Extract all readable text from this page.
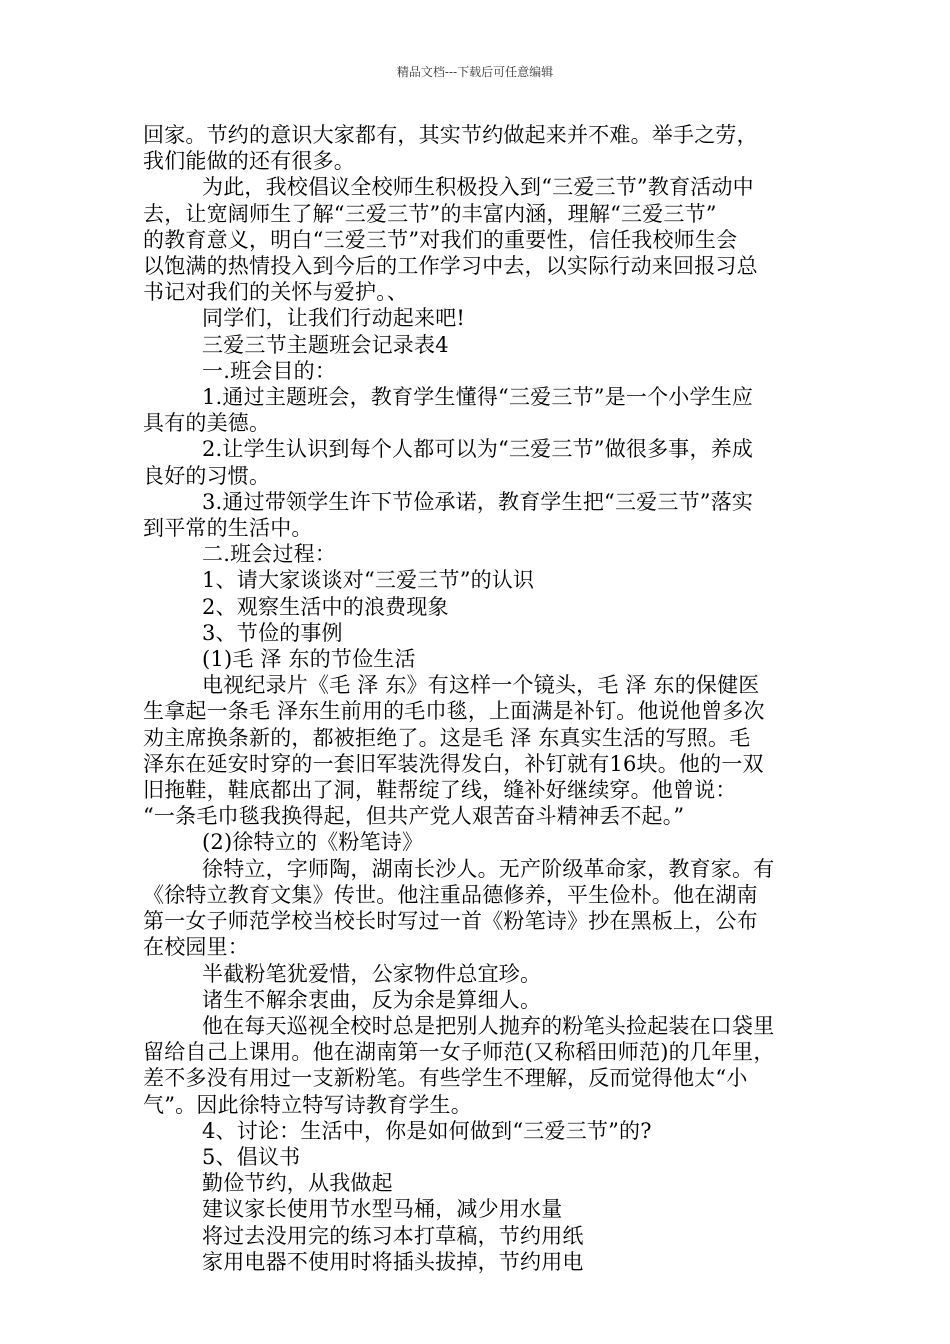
精品文档---下载后可任意编辑

回家。节约的意识大家都有，其实节约做起来并不难。举手之劳，

我们能做的还有很多。

为此，我校倡议全校师生积极投入到“三爱三节”教育活动中

去，让宽阔师生了解“三爱三节”的丰富内涵，理解“三爱三节”

的教育意义，明白“三爱三节”对我们的重要性，信任我校师生会

以饱满的热情投入到今后的工作学习中去，以实际行动来回报习总

书记对我们的关怀与爱护。、

同学们，让我们行动起来吧!

三爱三节主题班会记录表4

一.班会目的：

1.通过主题班会，教育学生懂得“三爱三节”是一个小学生应

具有的美德。

2.让学生认识到每个人都可以为“三爱三节”做很多事，养成

良好的习惯。

3.通过带领学生许下节俭承诺，教育学生把“三爱三节”落实

到平常的生活中。

二.班会过程：

1、请大家谈谈对“三爱三节”的认识

2、观察生活中的浪费现象

3、节俭的事例

(1)毛 泽 东的节俭生活

电视纪录片《毛 泽 东》有这样一个镜头，毛 泽 东的保健医

生拿起一条毛 泽东生前用的毛巾毯，上面满是补钉。他说他曾多次

劝主席换条新的，都被拒绝了。这是毛 泽 东真实生活的写照。毛

泽东在延安时穿的一套旧军装洗得发白，补钉就有16块。他的一双

旧拖鞋，鞋底都出了洞，鞋帮绽了线，缝补好继续穿。他曾说：

“一条毛巾毯我换得起，但共产党人艰苦奋斗精神丢不起。”

(2)徐特立的《粉笔诗》

徐特立，字师陶，湖南长沙人。无产阶级革命家，教育家。有

《徐特立教育文集》传世。他注重品德修养，平生俭朴。他在湖南

第一女子师范学校当校长时写过一首《粉笔诗》抄在黑板上，公布

在校园里：

半截粉笔犹爱惜，公家物件总宜珍。

诸生不解余衷曲，反为余是算细人。

他在每天巡视全校时总是把别人抛弃的粉笔头捡起装在口袋里

留给自己上课用。他在湖南第一女子师范(又称稻田师范)的几年里，

差不多没有用过一支新粉笔。有些学生不理解，反而觉得他太“小

气”。因此徐特立特写诗教育学生。

4、讨论：生活中，你是如何做到“三爱三节”的?

5、倡议书

勤俭节约，从我做起

建议家长使用节水型马桶，减少用水量

将过去没用完的练习本打草稿，节约用纸

家用电器不使用时将插头拔掉，节约用电
